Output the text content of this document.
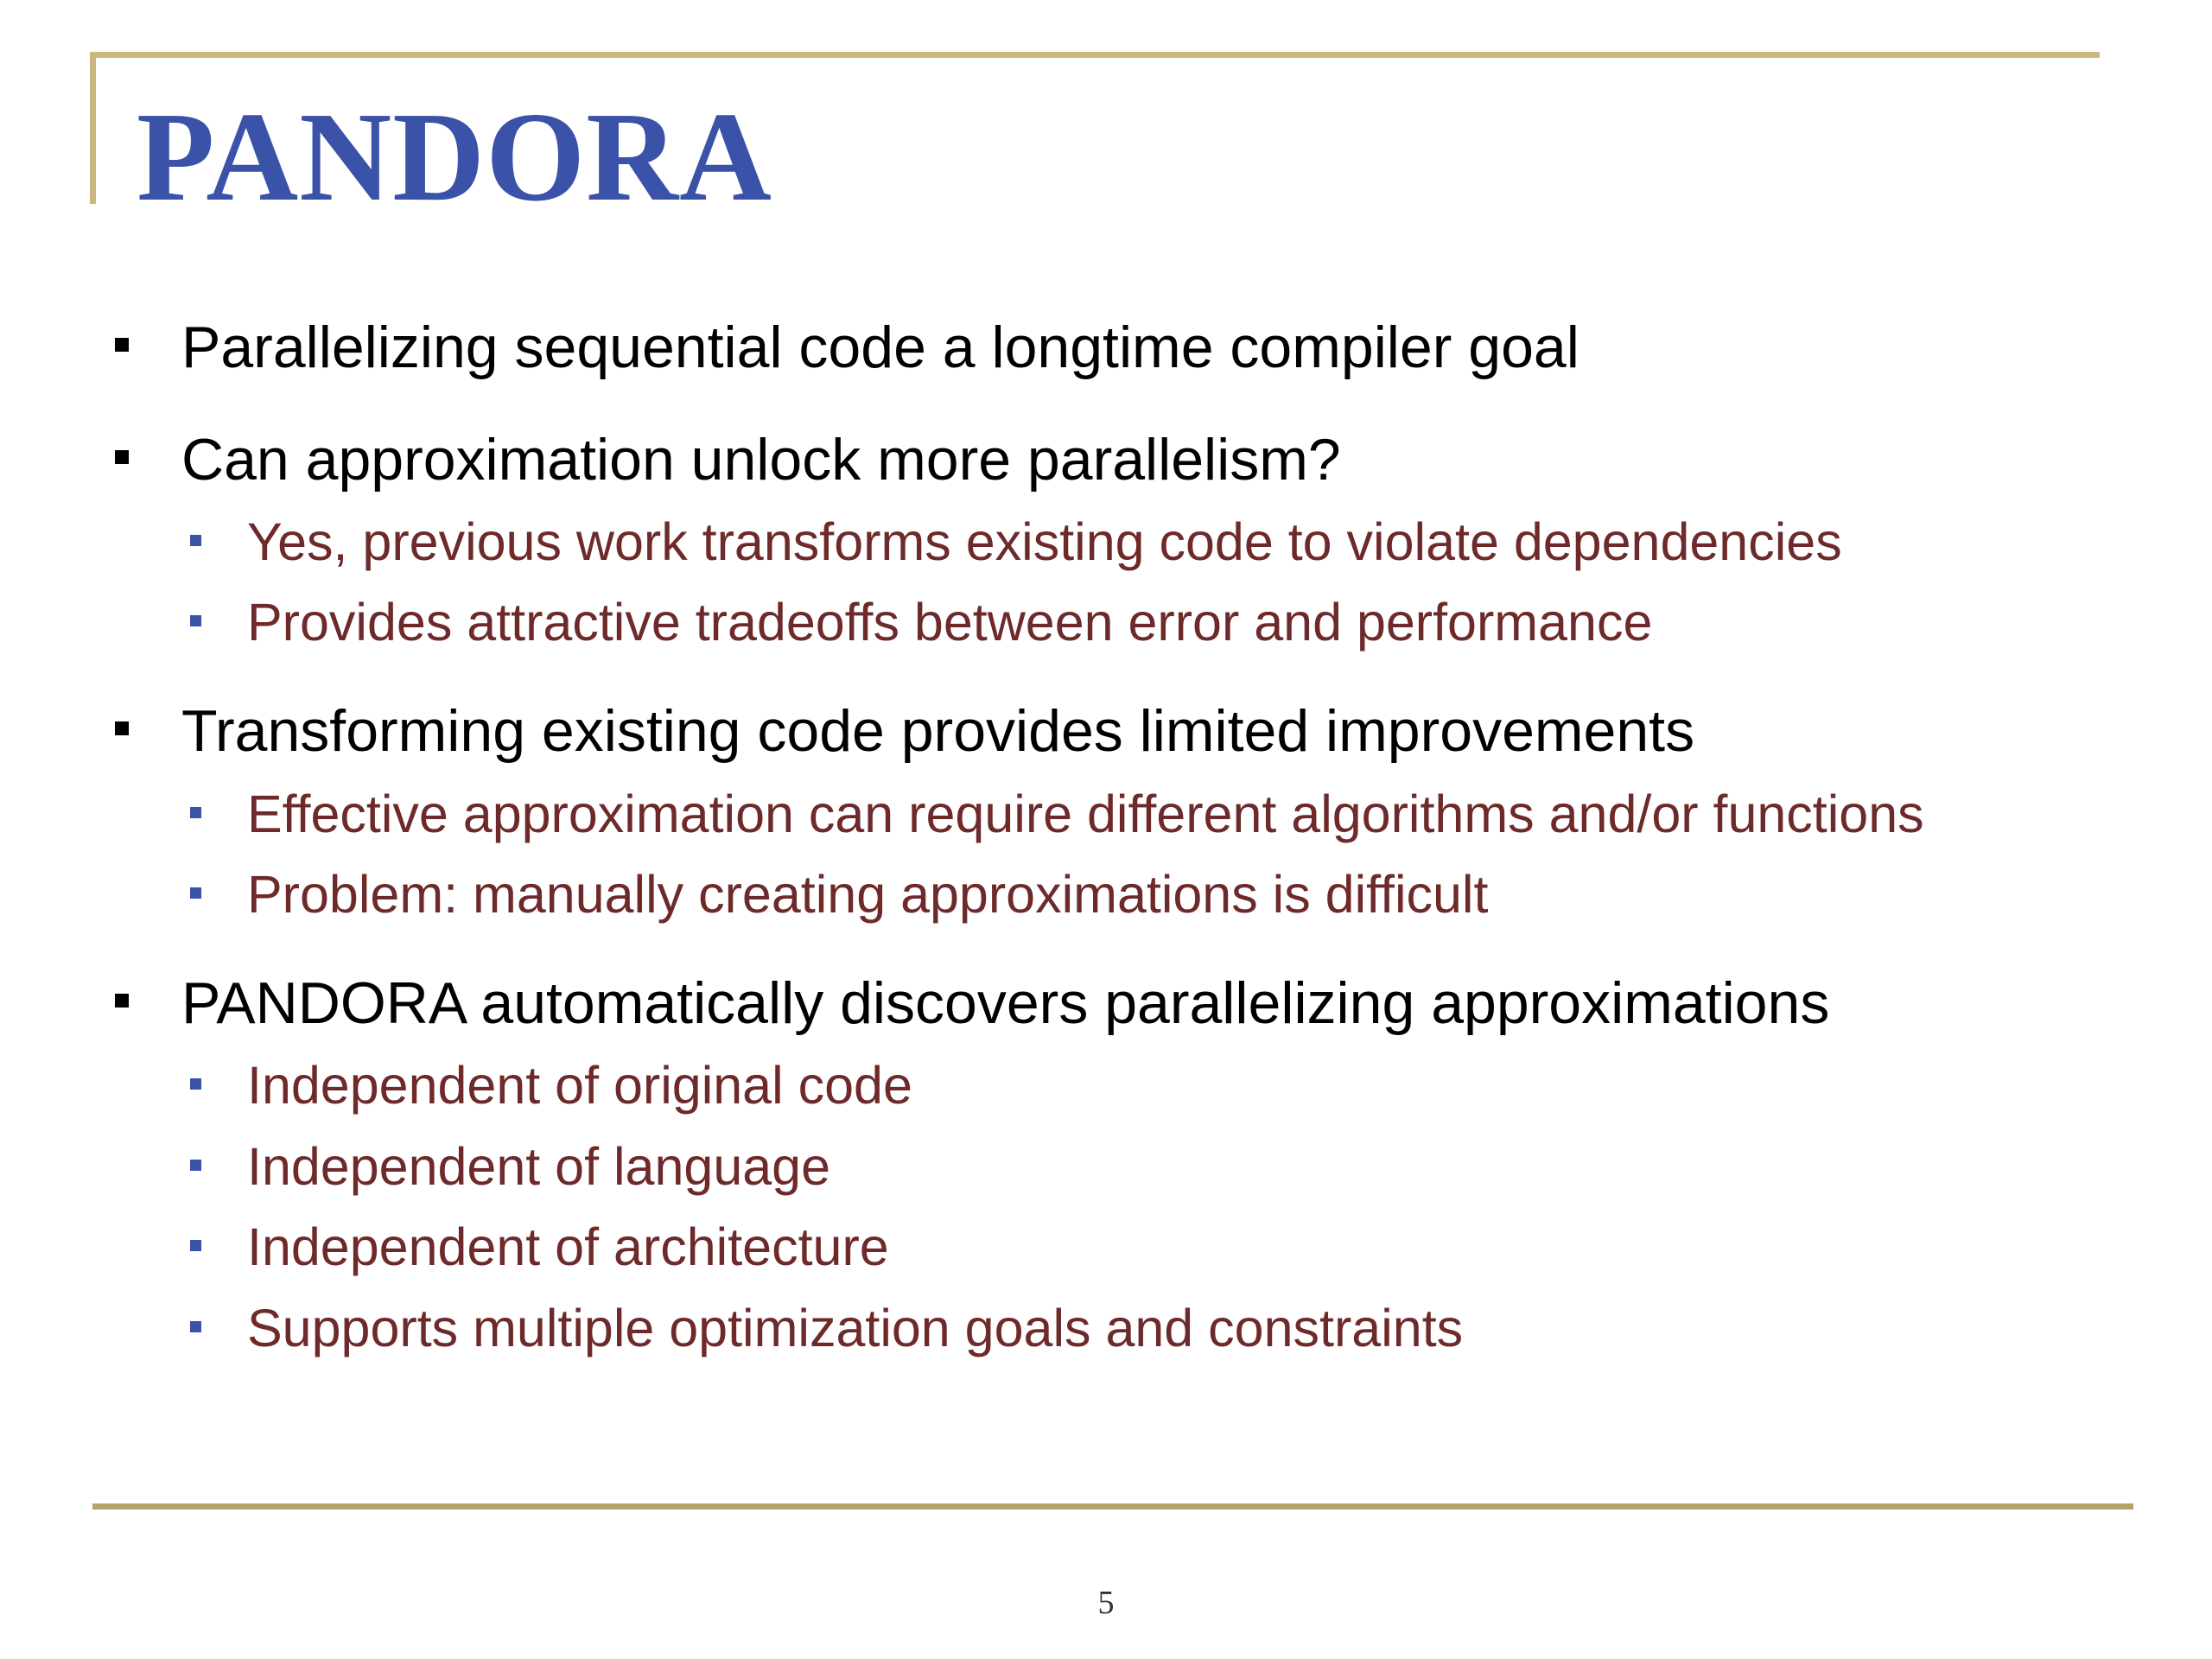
PANDORA
Parallelizing sequential code a longtime compiler goal
Can approximation unlock more parallelism?
Yes, previous work transforms existing code to violate dependencies
Provides attractive tradeoffs between error and performance
Transforming existing code provides limited improvements
Effective approximation can require different algorithms and/or functions
Problem: manually creating approximations is difficult
PANDORA automatically discovers parallelizing approximations
Independent of original code
Independent of language
Independent of architecture
Supports multiple optimization goals and constraints
5
